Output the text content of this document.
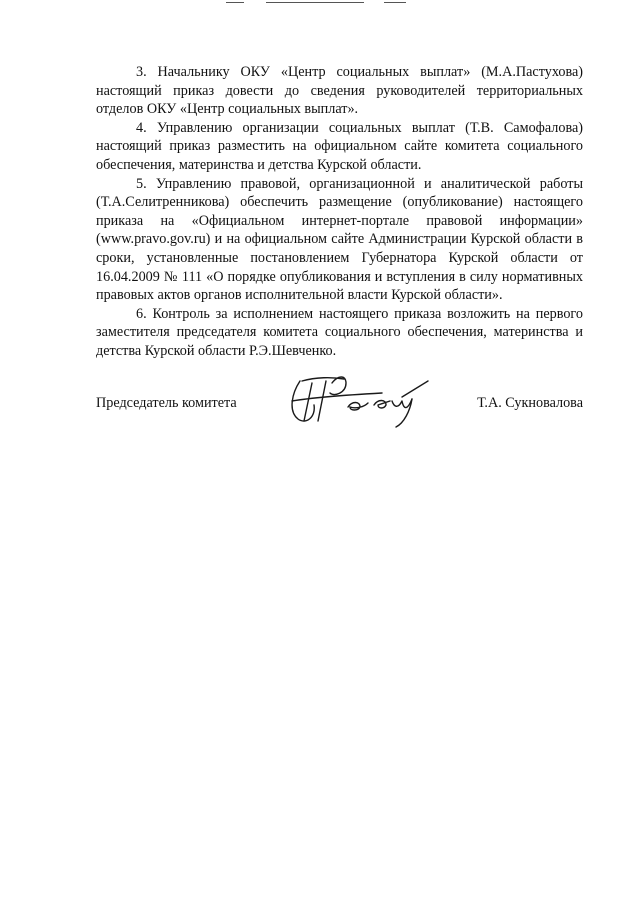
3. Начальнику ОКУ «Центр социальных выплат» (М.А.Пастухова) настоящий приказ довести до сведения руководителей территориальных отделов ОКУ «Центр социальных выплат».

4. Управлению организации социальных выплат (Т.В. Самофалова) настоящий приказ разместить на официальном сайте комитета социального обеспечения, материнства и детства Курской области.

5. Управлению правовой, организационной и аналитической работы (Т.А.Селитренникова) обеспечить размещение (опубликование) настоящего приказа на «Официальном интернет-портале правовой информации» (www.pravo.gov.ru) и на официальном сайте Администрации Курской области в сроки, установленные постановлением Губернатора Курской области от 16.04.2009 № 111 «О порядке опубликования и вступления в силу нормативных правовых актов органов исполнительной власти Курской области».

6. Контроль за исполнением настоящего приказа возложить на первого заместителя председателя комитета социального обеспечения, материнства и детства Курской области Р.Э.Шевченко.

Председатель комитета	Т.А. Сукновалова
